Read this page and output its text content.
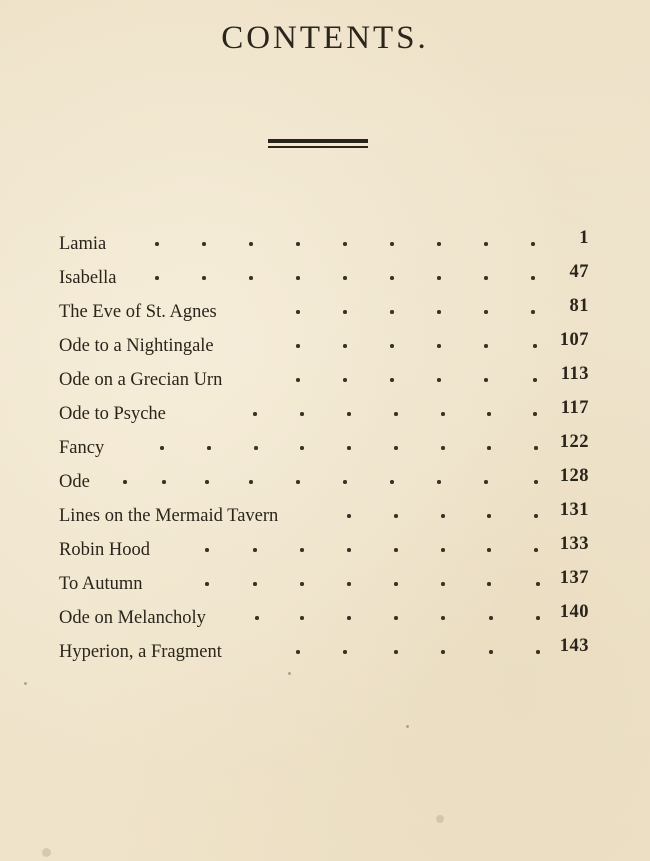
CONTENTS.
Lamia	1
Isabella	47
The Eve of St. Agnes	81
Ode to a Nightingale	107
Ode on a Grecian Urn	113
Ode to Psyche	117
Fancy	122
Ode	128
Lines on the Mermaid Tavern	131
Robin Hood	133
To Autumn	137
Ode on Melancholy	140
Hyperion, a Fragment	143
